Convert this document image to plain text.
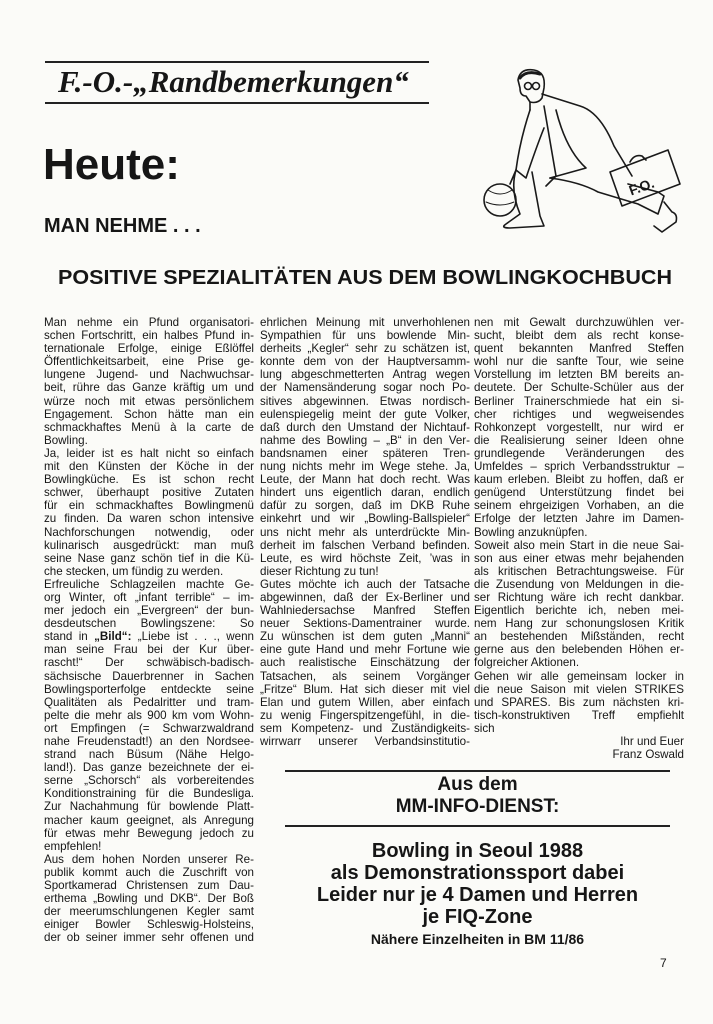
F.-O.-„Randbemerkungen“
Heute:
MAN NEHME . . .
POSITIVE SPEZIALITÄTEN AUS DEM BOWLINGKOCHBUCH
F.O.
Man nehme ein Pfund organisatori-
schen Fortschritt, ein halbes Pfund in-
ternationale Erfolge, einige Eßlöffel
Öffentlichkeitsarbeit, eine Prise ge-
lungene Jugend- und Nachwuchsar-
beit, rühre das Ganze kräftig um und
würze noch mit etwas persönlichem
Engagement. Schon hätte man ein
schmackhaftes Menü à la carte de
Bowling.
Ja, leider ist es halt nicht so einfach
mit den Künsten der Köche in der
Bowlingküche. Es ist schon recht
schwer, überhaupt positive Zutaten
für ein schmackhaftes Bowlingmenü
zu finden. Da waren schon intensive
Nachforschungen notwendig, oder
kulinarisch ausgedrückt: man muß
seine Nase ganz schön tief in die Kü-
che stecken, um fündig zu werden.
Erfreuliche Schlagzeilen machte Ge-
org Winter, oft „infant terrible“ – im-
mer jedoch ein „Evergreen“ der bun-
desdeutschen Bowlingszene: So
stand in „Bild“: „Liebe ist . . ., wenn
man seine Frau bei der Kur über-
rascht!“ Der schwäbisch-badisch-
sächsische Dauerbrenner in Sachen
Bowlingsporterfolge entdeckte seine
Qualitäten als Pedalritter und tram-
pelte die mehr als 900 km vom Wohn-
ort Empfingen (= Schwarzwaldrand
nahe Freudenstadt!) an den Nordsee-
strand nach Büsum (Nähe Helgo-
land!). Das ganze bezeichnete der ei-
serne „Schorsch“ als vorbereitendes
Konditionstraining für die Bundesliga.
Zur Nachahmung für bowlende Platt-
macher kaum geeignet, als Anregung
für etwas mehr Bewegung jedoch zu
empfehlen!
Aus dem hohen Norden unserer Re-
publik kommt auch die Zuschrift von
Sportkamerad Christensen zum Dau-
erthema „Bowling und DKB“. Der Boß
der meerumschlungenen Kegler samt
einiger Bowler Schleswig-Holsteins,
der ob seiner immer sehr offenen und
ehrlichen Meinung mit unverhohlenen
Sympathien für uns bowlende Min-
derheits „Kegler“ sehr zu schätzen ist,
konnte dem von der Hauptversamm-
lung abgeschmetterten Antrag wegen
der Namensänderung sogar noch Po-
sitives abgewinnen. Etwas nordisch-
eulenspiegelig meint der gute Volker,
daß durch den Umstand der Nichtauf-
nahme des Bowling – „B“ in den Ver-
bandsnamen einer späteren Tren-
nung nichts mehr im Wege stehe. Ja,
Leute, der Mann hat doch recht. Was
hindert uns eigentlich daran, endlich
dafür zu sorgen, daß im DKB Ruhe
einkehrt und wir „Bowling-Ballspieler“
uns nicht mehr als unterdrückte Min-
derheit im falschen Verband befinden.
Leute, es wird höchste Zeit, ’was in
dieser Richtung zu tun!
Gutes möchte ich auch der Tatsache
abgewinnen, daß der Ex-Berliner und
Wahlniedersachse Manfred Steffen
neuer Sektions-Damentrainer wurde.
Zu wünschen ist dem guten „Manni“
eine gute Hand und mehr Fortune wie
auch realistische Einschätzung der
Tatsachen, als seinem Vorgänger
„Fritze“ Blum. Hat sich dieser mit viel
Elan und gutem Willen, aber einfach
zu wenig Fingerspitzengefühl, in die-
sem Kompetenz- und Zuständigkeits-
wirrwarr unserer Verbandsinstitutio-
nen mit Gewalt durchzuwühlen ver-
sucht, bleibt dem als recht konse-
quent bekannten Manfred Steffen
wohl nur die sanfte Tour, wie seine
Vorstellung im letzten BM bereits an-
deutete. Der Schulte-Schüler aus der
Berliner Trainerschmiede hat ein si-
cher richtiges und wegweisendes
Rohkonzept vorgestellt, nur wird er
die Realisierung seiner Ideen ohne
grundlegende Veränderungen des
Umfeldes – sprich Verbandsstruktur –
kaum erleben. Bleibt zu hoffen, daß er
genügend Unterstützung findet bei
seinem ehrgeizigen Vorhaben, an die
Erfolge der letzten Jahre im Damen-
Bowling anzuknüpfen.
Soweit also mein Start in die neue Sai-
son aus einer etwas mehr bejahenden
als kritischen Betrachtungsweise. Für
die Zusendung von Meldungen in die-
ser Richtung wäre ich recht dankbar.
Eigentlich berichte ich, neben mei-
nem Hang zur schonungslosen Kritik
an bestehenden Mißständen, recht
gerne aus den belebenden Höhen er-
folgreicher Aktionen.
Gehen wir alle gemeinsam locker in
die neue Saison mit vielen STRIKES
und SPARES. Bis zum nächsten kri-
tisch-konstruktiven Treff empfiehlt
sich
Ihr und Euer
Franz Oswald
Aus dem
MM-INFO-DIENST:
Bowling in Seoul 1988
als Demonstrationssport dabei
Leider nur je 4 Damen und Herren
je FIQ-Zone
Nähere Einzelheiten in BM 11/86
7
